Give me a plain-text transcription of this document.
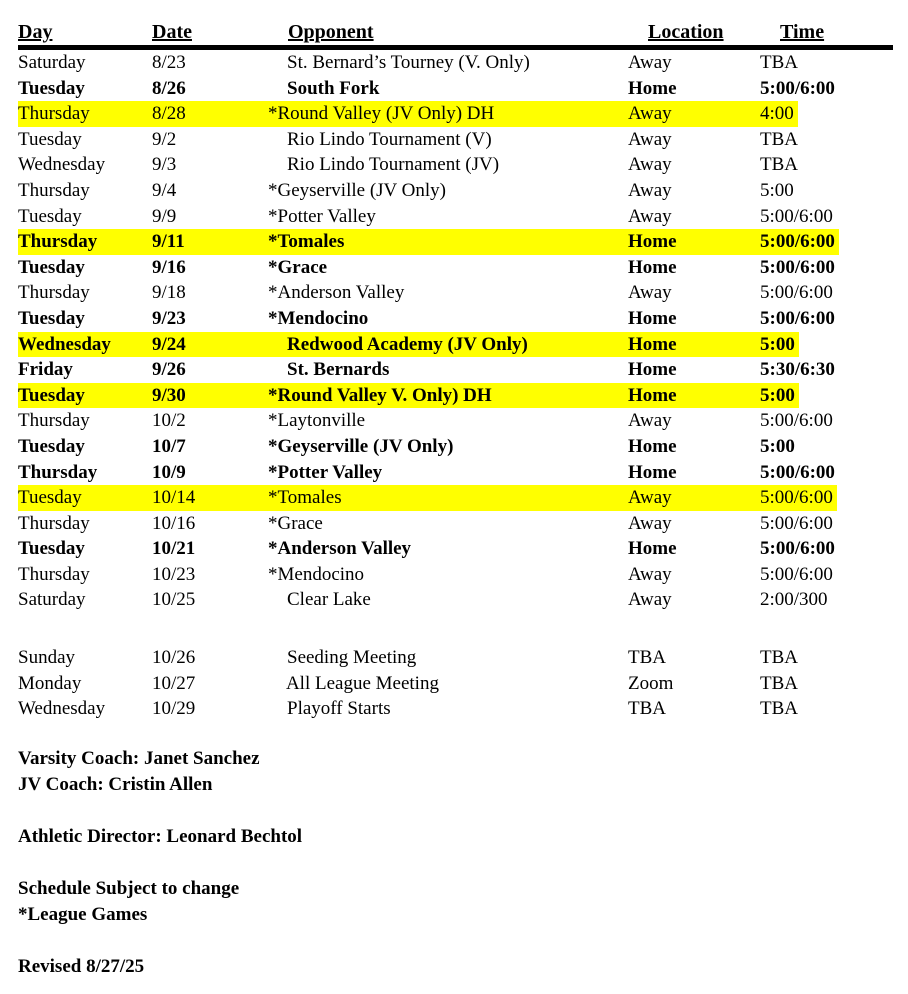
Day	Date	Opponent	Location	Time
Saturday	8/23	St. Bernard’s Tourney (V. Only)	Away	TBA
Tuesday	8/26	South Fork	Home	5:00/6:00
Thursday	8/28	*Round Valley (JV Only) DH	Away	4:00
Tuesday	9/2	Rio Lindo Tournament (V)	Away	TBA
Wednesday	9/3	Rio Lindo Tournament (JV)	Away	TBA
Thursday	9/4	*Geyserville (JV Only)	Away	5:00
Tuesday	9/9	*Potter Valley	Away	5:00/6:00
Thursday	9/11	*Tomales	Home	5:00/6:00
Tuesday	9/16	*Grace	Home	5:00/6:00
Thursday	9/18	*Anderson Valley	Away	5:00/6:00
Tuesday	9/23	*Mendocino	Home	5:00/6:00
Wednesday	9/24	Redwood Academy (JV Only)	Home	5:00
Friday	9/26	St. Bernards	Home	5:30/6:30
Tuesday	9/30	*Round Valley V. Only) DH	Home	5:00
Thursday	10/2	*Laytonville	Away	5:00/6:00
Tuesday	10/7	*Geyserville (JV Only)	Home	5:00
Thursday	10/9	*Potter Valley	Home	5:00/6:00
Tuesday	10/14	*Tomales	Away	5:00/6:00
Thursday	10/16	*Grace	Away	5:00/6:00
Tuesday	10/21	*Anderson Valley	Home	5:00/6:00
Thursday	10/23	*Mendocino	Away	5:00/6:00
Saturday	10/25	Clear Lake	Away	2:00/300
Sunday	10/26	Seeding Meeting	TBA	TBA
Monday	10/27	All League Meeting	Zoom	TBA
Wednesday	10/29	Playoff Starts	TBA	TBA

Varsity Coach: Janet Sanchez
JV Coach: Cristin Allen

Athletic Director: Leonard Bechtol

Schedule Subject to change
*League Games

Revised 8/27/25
